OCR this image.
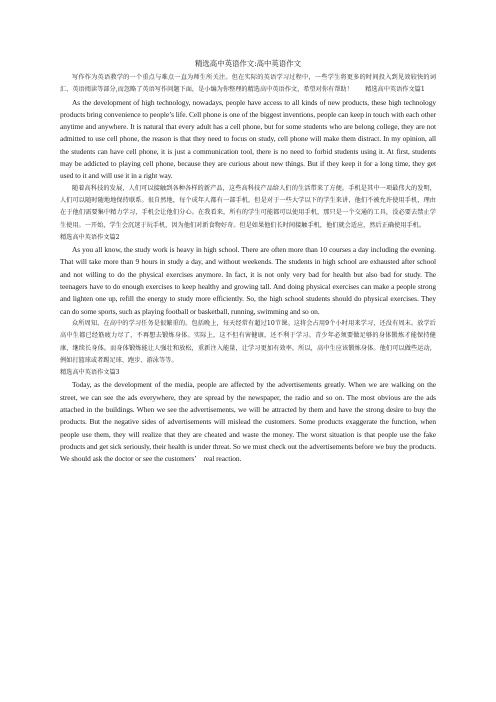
精选高中英语作文:高中英语作文

写作作为英语教学的一个重点与难点一直为师生所关注。但在实际的英语学习过程中，一些学生将更多的时间投入到见效较快的词汇、英语阅读等部分,而忽略了英语写作问题下面，是小编为你整理的精选高中英语作文，希望对你有帮助！　　精选高中英语作文篇1

As the development of high technology, nowadays, people have access to all kinds of new products, these high technology products bring convenience to people’s life. Cell phone is one of the biggest inventions, people can keep in touch with each other anytime and anywhere. It is natural that every adult has a cell phone, but for some students who are belong college, they are not admitted to use cell phone, the reason is that they need to focus on study, cell phone will make them distract. In my opinion, all the students can have cell phone, it is just a communication tool, there is no need to forbid students using it. At first, students may be addicted to playing cell phone, because they are curious about new things. But if they keep it for a long time, they get used to it and will use it in a right way.

随着高科技的发展，人们可以接触到各种各样的新产品，这些高科技产品给人们的生活带来了方便。手机是其中一项最伟大的发明，人们可以随时随地地保持联系。很自然地，每个成年人都有一部手机，但是对于一些大学以下的学生来讲，他们不被允许使用手机，理由在于他们需要集中精力学习，手机会让他们分心。在我看来，所有的学生可能都可以使用手机，那只是一个交通的工具，没必要去禁止学生使用。一开始，学生会沉迷于玩手机，因为他们对新食物好奇。但是如果他们长时间接触手机，他们就会适应，然后正确使用手机。

精选高中英语作文篇2

As you all know, the study work is heavy in high school. There are often more than 10 courses a day including the evening. That will take more than 9 hours in study a day, and without weekends. The students in high school are exhausted after school and not willing to do the physical exercises anymore. In fact, it is not only very bad for health but also bad for study. The teenagers have to do enough exercises to keep healthy and growing tall. And doing physical exercises can make a people strong and lighten one up, refill the energy to study more efficiently. So, the high school students should do physical exercises. They can do some sports, such as playing football or basketball, running, swimming and so on.

众所周知，在高中的学习任务是很繁重的。包括晚上，每天经常有超过10节课。这将会占用9个小时用来学习，还没有周末。放学后高中生都已经筋疲力尽了，不再想去锻炼身体。实际上，这不但有害健康，还不利于学习。青少年必须要做足够的身体锻炼才能保持健康，继续长身体。而身体锻炼能让人强壮和放松，重新注入能量，让学习更加有效率。所以，高中生应该锻炼身体。他们可以做些运动，例如打篮球或者踢足球、跑步、游泳等等。

精选高中英语作文篇3

Today, as the development of the media, people are affected by the advertisements greatly. When we are walking on the street, we can see the ads everywhere, they are spread by the newspaper, the radio and so on. The most obvious are the ads attached in the buildings. When we see the advertisements, we will be attracted by them and have the strong desire to buy the products. But the negative sides of advertisements will mislead the customers. Some products exaggerate the function, when people use them, they will realize that they are cheated and waste the money. The worst situation is that people use the fake products and get sick seriously, their health is under threat. So we must check out the advertisements before we buy the products. We should ask the doctor or see the customers’　real reaction.
